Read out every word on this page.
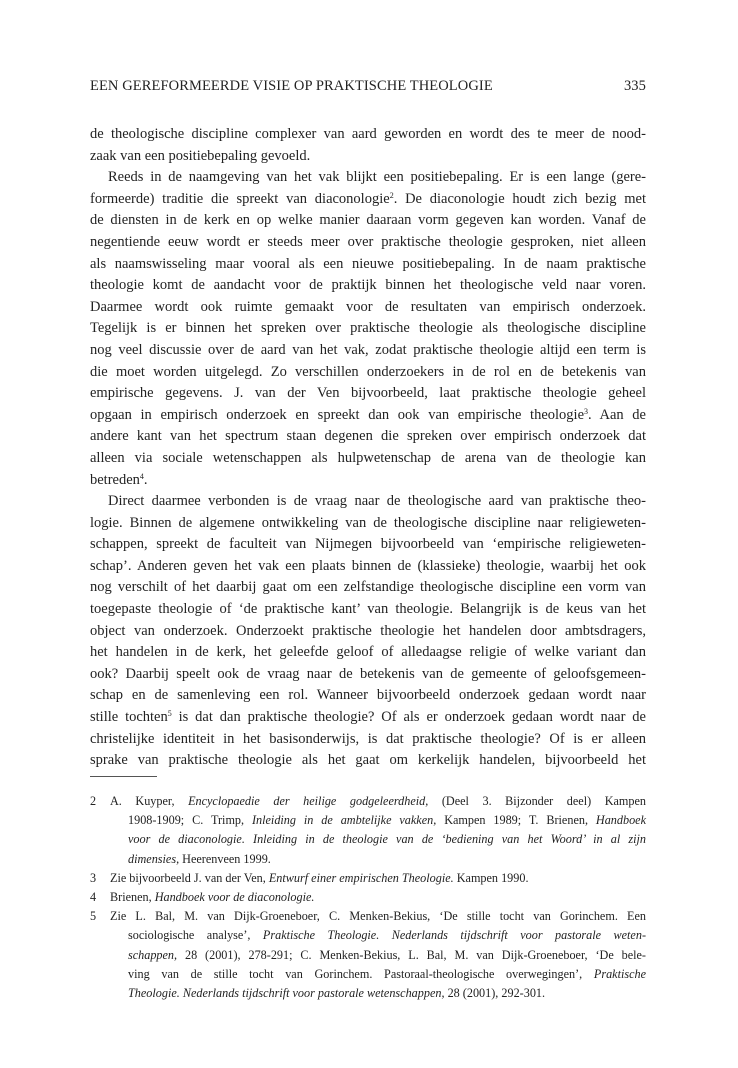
EEN GEREFORMEERDE VISIE OP PRAKTISCHE THEOLOGIE	335
de theologische discipline complexer van aard geworden en wordt des te meer de nood-
zaak van een positiebepaling gevoeld.
Reeds in de naamgeving van het vak blijkt een positiebepaling. Er is een lange (gere-
formeerde) traditie die spreekt van diaconologie$^2$. De diaconologie houdt zich bezig met
de diensten in de kerk en op welke manier daaraan vorm gegeven kan worden. Vanaf de
negentiende eeuw wordt er steeds meer over praktische theologie gesproken, niet alleen
als naamswisseling maar vooral als een nieuwe positiebepaling. In de naam praktische
theologie komt de aandacht voor de praktijk binnen het theologische veld naar voren.
Daarmee wordt ook ruimte gemaakt voor de resultaten van empirisch onderzoek.
Tegelijk is er binnen het spreken over praktische theologie als theologische discipline
nog veel discussie over de aard van het vak, zodat praktische theologie altijd een term is
die moet worden uitgelegd. Zo verschillen onderzoekers in de rol en de betekenis van
empirische gegevens. J. van der Ven bijvoorbeeld, laat praktische theologie geheel
opgaan in empirisch onderzoek en spreekt dan ook van empirische theologie$^3$. Aan de
andere kant van het spectrum staan degenen die spreken over empirisch onderzoek dat
alleen via sociale wetenschappen als hulpwetenschap de arena van de theologie kan
betreden$^4$.
Direct daarmee verbonden is de vraag naar de theologische aard van praktische theo-
logie. Binnen de algemene ontwikkeling van de theologische discipline naar religieweten-
schappen, spreekt de faculteit van Nijmegen bijvoorbeeld van ‘empirische religieweten-
schap’. Anderen geven het vak een plaats binnen de (klassieke) theologie, waarbij het ook
nog verschilt of het daarbij gaat om een zelfstandige theologische discipline een vorm van
toegepaste theologie of ‘de praktische kant’ van theologie. Belangrijk is de keus van het
object van onderzoek. Onderzoekt praktische theologie het handelen door ambtsdragers,
het handelen in de kerk, het geleefde geloof of alledaagse religie of welke variant dan
ook? Daarbij speelt ook de vraag naar de betekenis van de gemeente of geloofsgemeen-
schap en de samenleving een rol. Wanneer bijvoorbeeld onderzoek gedaan wordt naar
stille tochten$^5$ is dat dan praktische theologie? Of als er onderzoek gedaan wordt naar de
christelijke identiteit in het basisonderwijs, is dat praktische theologie? Of is er alleen
sprake van praktische theologie als het gaat om kerkelijk handelen, bijvoorbeeld het
2 A. Kuyper, Encyclopaedie der heilige godgeleerdheid, (Deel 3. Bijzonder deel) Kampen
1908-1909; C. Trimp, Inleiding in de ambtelijke vakken, Kampen 1989; T. Brienen, Handboek
voor de diaconologie. Inleiding in de theologie van de ‘bediening van het Woord’ in al zijn
dimensies, Heerenveen 1999.
3 Zie bijvoorbeeld J. van der Ven, Entwurf einer empirischen Theologie. Kampen 1990.
4 Brienen, Handboek voor de diaconologie.
5 Zie L. Bal, M. van Dijk-Groeneboer, C. Menken-Bekius, ‘De stille tocht van Gorinchem. Een
sociologische analyse’, Praktische Theologie. Nederlands tijdschrift voor pastorale weten-
schappen, 28 (2001), 278-291; C. Menken-Bekius, L. Bal, M. van Dijk-Groeneboer, ‘De bele-
ving van de stille tocht van Gorinchem. Pastoraal-theologische overwegingen’, Praktische
Theologie. Nederlands tijdschrift voor pastorale wetenschappen, 28 (2001), 292-301.
